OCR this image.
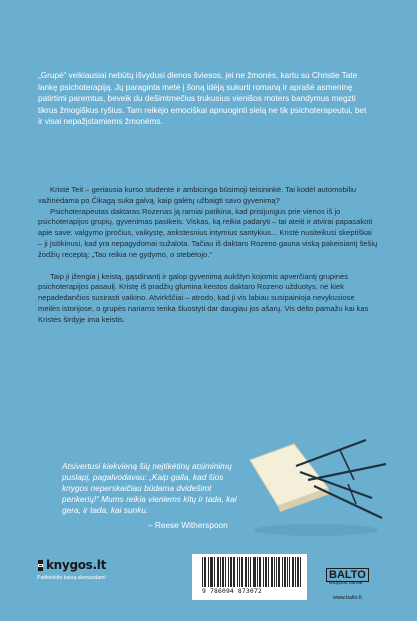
„Grupė“ veikiausiai nebūtų išvydusi dienos šviesos, jei ne žmonės, kartu su Christie Tate lankę psichoterapiją. Jų paraginta metė į šoną idėją sukurti romaną ir aprašė asmeninę patirtimi paremtus, beveik du dešimtmečius trukusius vienišos moters bandymus megzti tikrus žmogiškus ryšius. Tam reikėjo emociškai apnuoginti sielą ne tik psichoterapeutui, bet ir visai nepažįstamiems žmonėms.

Kristė Teit – geriausia kurso studentė ir ambicinga būsimoji teisininkė. Tai kodėl automobiliu važinėdama po Čikagą suka galvą, kaip galėtų užbaigti savo gyvenimą?

Psichoterapeutas daktaras Rozenas ją ramiai patikina, kad prisijungus prie vienos iš jo psichoterapijos grupių, gyvenimas pasikeis. Viskas, ką reikia padaryti – tai ateiti ir atvirai papasakoti apie save: valgymo įpročius, vaikystę, ankstesnius intymius santykius... Kristė nusiteikusi skeptiškai – ji įsitikinusi, kad yra nepagydomai sužalota. Tačiau iš daktaro Rozeno gauna viską pakeisiantį šešių žodžių receptą: „Tau reikia ne gydymo, o stebėtojo.“

Taip ji įžengia į keistą, gąsdinantį ir galop gyvenimą aukštyn kojomis apverčiantį grupinės psichoterapijos pasaulį. Kristę iš pradžių glumina keistos daktaro Rozeno užduotys, nė kiek nepadedančios susirasti vaikino. Atvirkščiai – atrodo, kad ji vis labiau susipainioja nevykusiose meilės istorijose, o grupės nariams tenka šluostyti dar daugiau jos ašarų. Vis dėlto pamažu kai kas Kristės širdyje ima keistis.

Atsivertusi kiekvieną šių neįtikėtinų atsiminimų puslapį, pagalvodavau: „Kaip gaila, kad šios knygos neperskaičiau būdama dvidešimt penkerių!“ Mums reikia vieniems kitų ir tada, kai gera, ir tada, kai sunku.

– Reese Witherspoon
knygos.lt
Patikrinkite kainą skenuodami
9 786094 873072
BALTO
leidybos namai
www.balto.lt
